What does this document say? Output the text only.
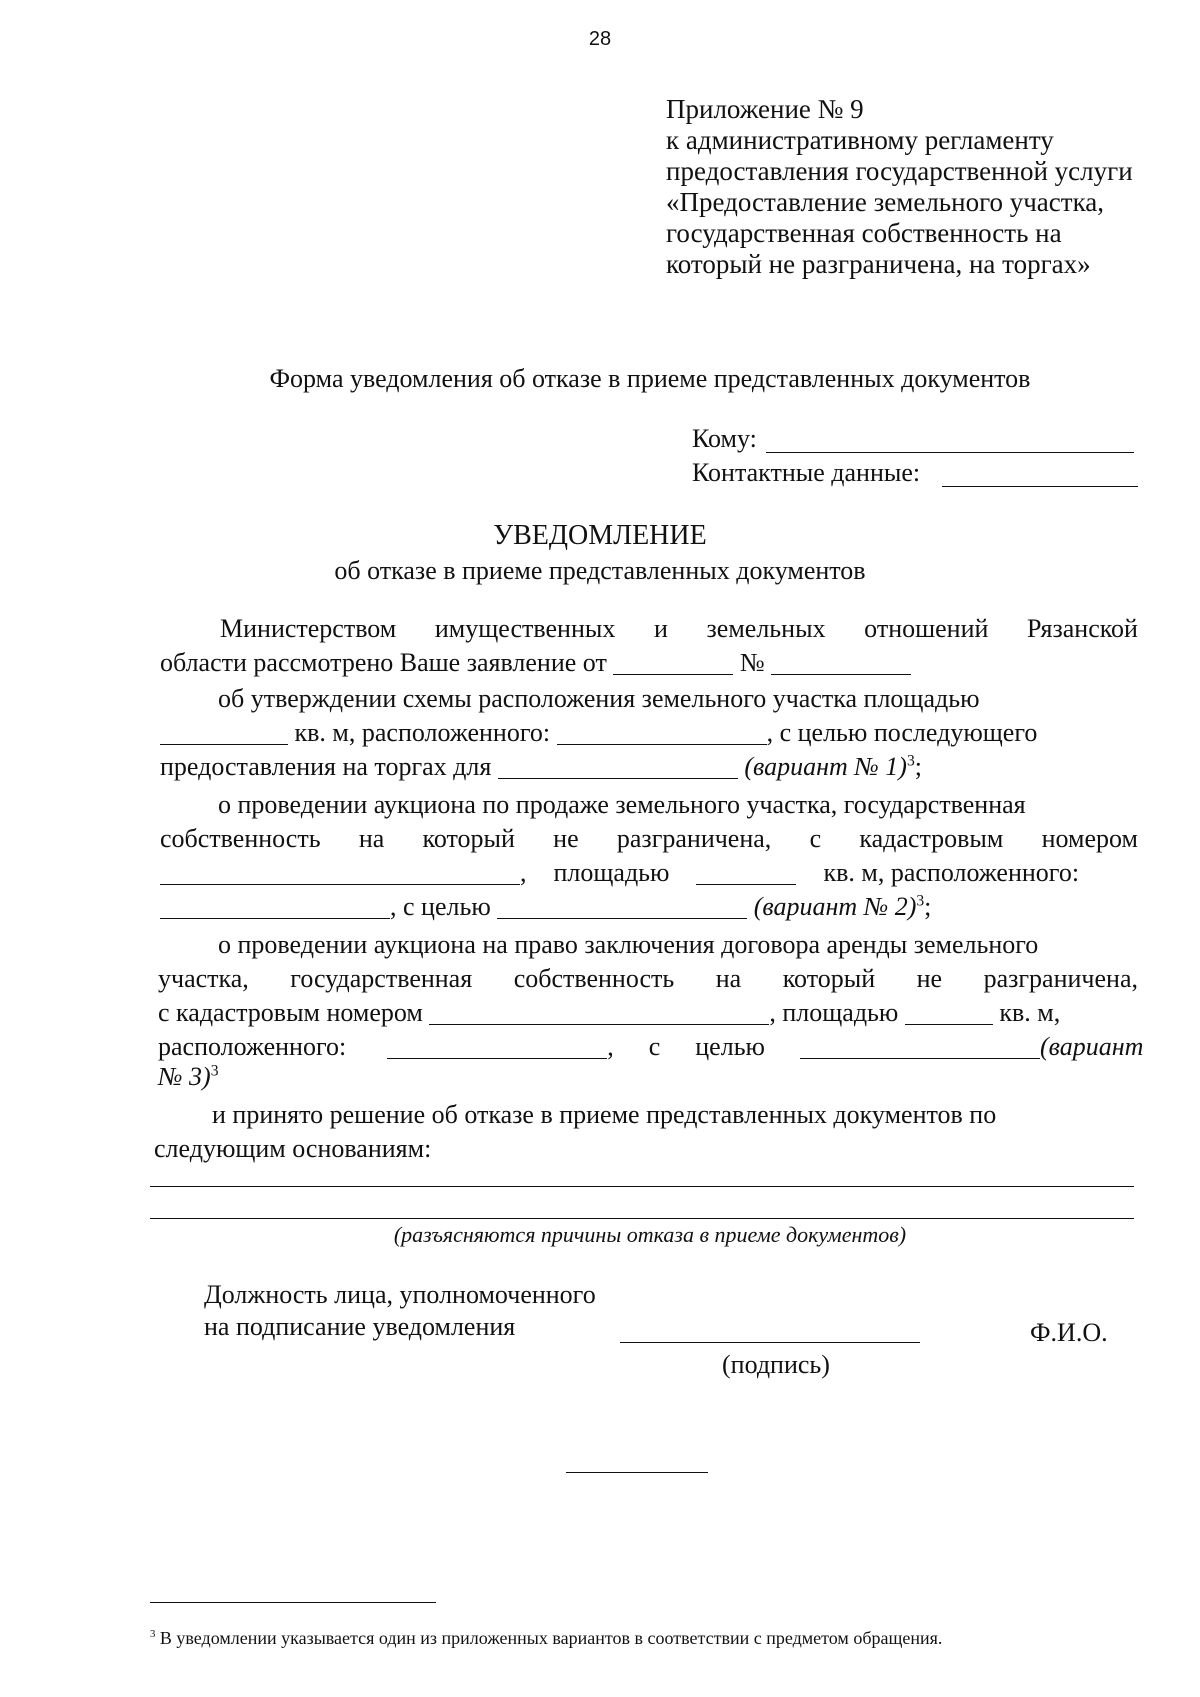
28
Приложение № 9
к административному регламенту
предоставления государственной услуги
«Предоставление земельного участка,
государственная собственность на
который не разграничена, на торгах»
Форма уведомления об отказе в приеме представленных документов
Кому:
Контактные данные:
УВЕДОМЛЕНИЕ
об отказе в приеме представленных документов
Министерством имущественных и земельных отношений Рязанской
области рассмотрено Ваше заявление от	№
об утверждении схемы расположения земельного участка площадью
кв. м, расположенного:	, с целью последующего
предоставления на торгах для	(вариант № 1)$^3$;
о проведении аукциона по продаже земельного участка, государственная
собственность на который не разграничена, с кадастровым номером
, площадью	кв. м, расположенного:
, с целью	(вариант № 2)$^3$;
о проведении аукциона на право заключения договора аренды земельного
участка, государственная собственность на который не разграничена,
с кадастровым номером	, площадью	кв. м,
расположенного:	, с целью	(вариант
№ 3)$^3$
и принято решение об отказе в приеме представленных документов по
следующим основаниям:
(разъясняются причины отказа в приеме документов)
Должность лица, уполномоченного
на подписание уведомления
(подпись)
Ф.И.О.
$^3$ В уведомлении указывается один из приложенных вариантов в соответствии с предметом обращения.
